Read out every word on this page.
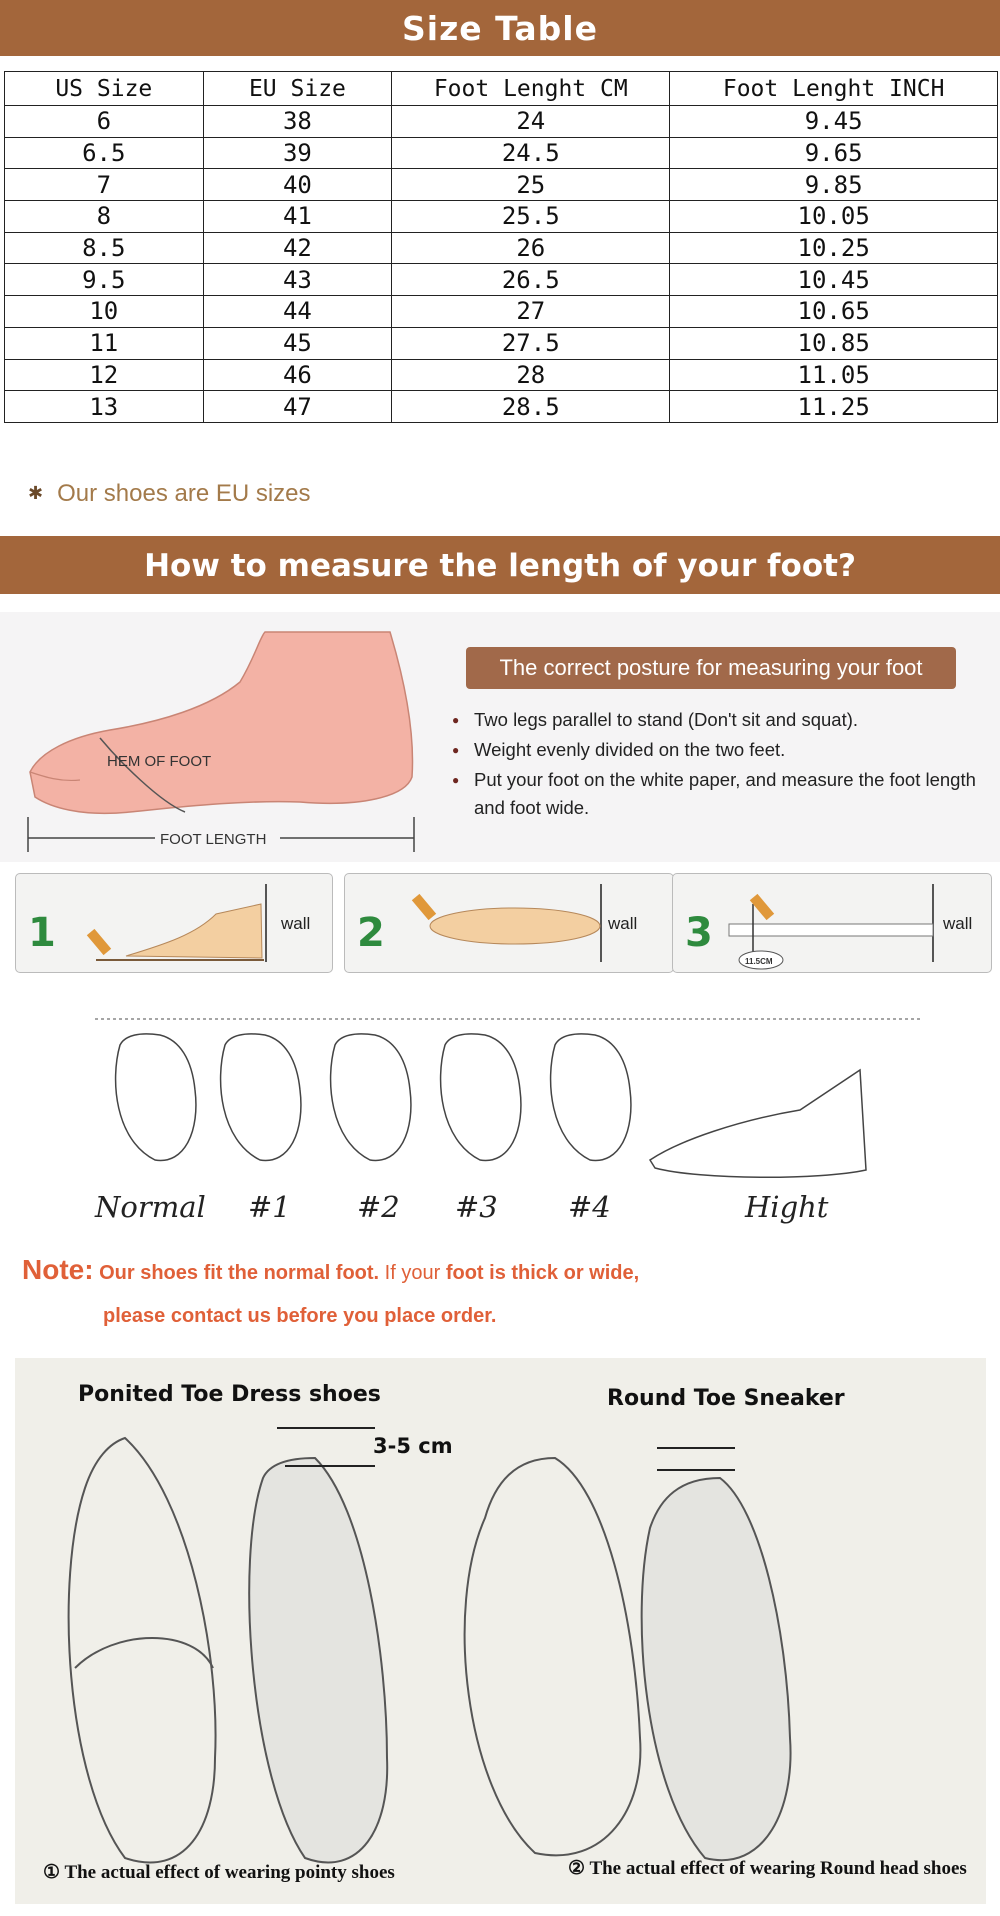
Size Table
US Size	EU Size	Foot Lenght CM	Foot Lenght INCH
6	38	24	9.45
6.5	39	24.5	9.65
7	40	25	9.85
8	41	25.5	10.05
8.5	42	26	10.25
9.5	43	26.5	10.45
10	44	27	10.65
11	45	27.5	10.85
12	46	28	11.05
13	47	28.5	11.25
✱ Our shoes are EU sizes
How to measure the length of your foot?
FOOT LENGTH
HEM OF FOOT
The correct posture for measuring your foot
● Two legs parallel to stand (Don't sit and squat).
● Weight evenly divided on the two feet.
● Put your foot on the white paper, and measure the foot length and foot wide.
1	wall 2	wall 3
11.5CM
wall
Normal #1 #2 #3 #4	Hight
Note: Our shoes fit the normal foot. If your foot is thick or wide,
please contact us before you place order.
Ponited Toe Dress shoes
3-5 cm
Round Toe Sneaker
① The actual effect of wearing pointy shoes	② The actual effect of wearing Round head shoes
